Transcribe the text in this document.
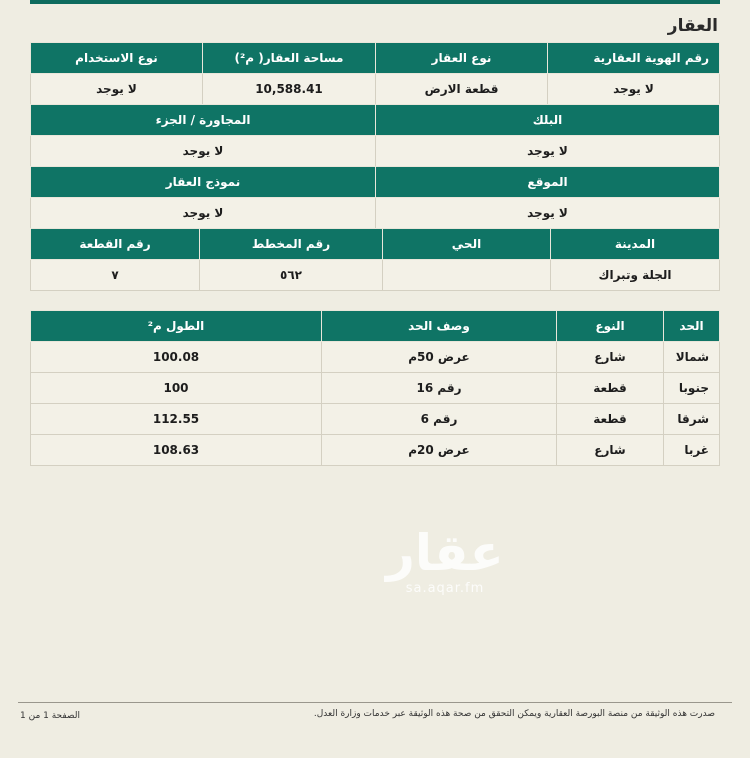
العقار
رقم الهوية العقارية	نوع العقار	مساحة العقار( م²)	نوع الاستخدام
لا يوجد	قطعة الارض	10,588.41	لا يوجد
البلك	المجاورة / الجزء
لا يوجد	لا يوجد
الموقع	نموذج العقار
لا يوجد	لا يوجد
المدينة	الحي	رقم المخطط	رقم القطعة
الجلة وتبراك		٥٦٢	٧
الحد	النوع	وصف الحد	الطول م²
شمالا	شارع	عرض 50م	100.08
جنوبا	قطعة	رقم 16	100
شرقا	قطعة	رقم 6	112.55
غربا	شارع	عرض 20م	108.63
عقار
sa.aqar.fm
صدرت هذه الوثيقة من منصة البورصة العقارية ويمكن التحقق من صحة هذه الوثيقة عبر خدمات وزارة العدل.
الصفحة 1 من 1
